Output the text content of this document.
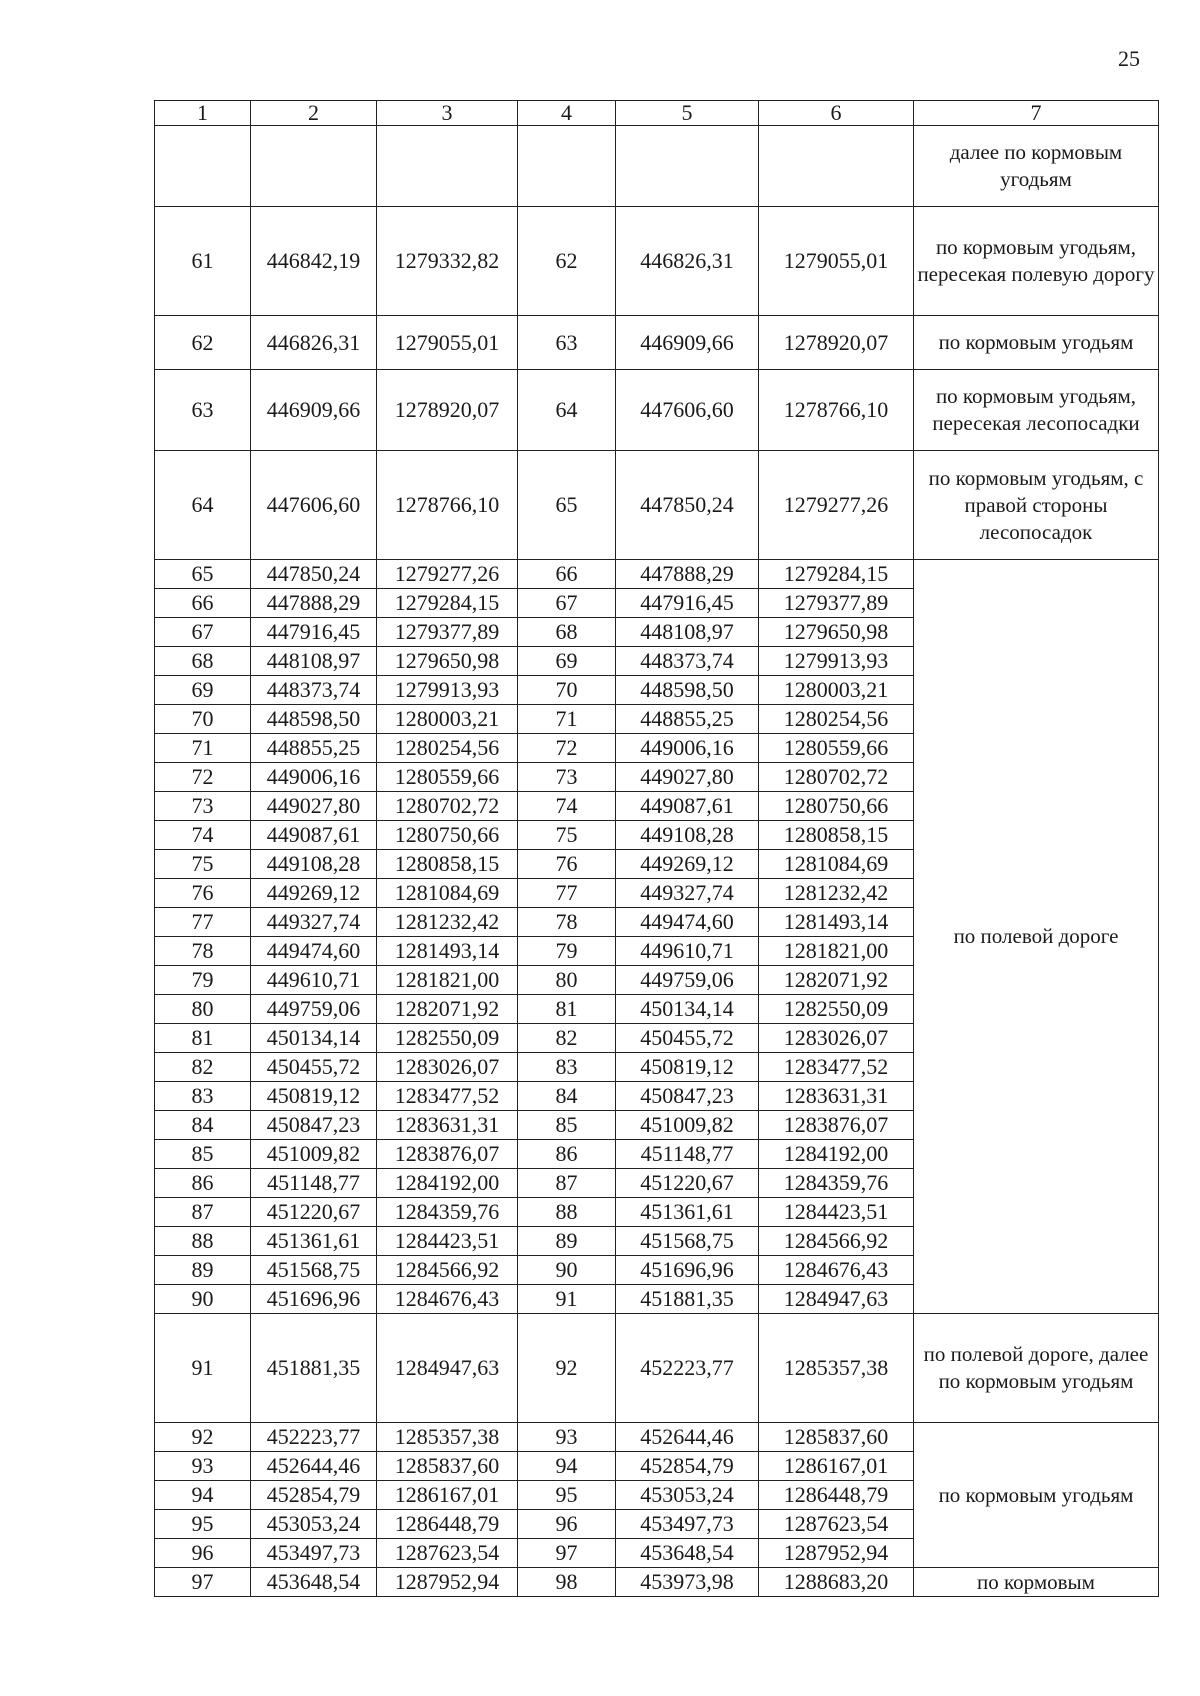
25
1	2	3	4	5	6	7
						далее по кормовым угодьям
61	446842,19	1279332,82	62	446826,31	1279055,01	по кормовым угодьям, пересекая полевую дорогу
62	446826,31	1279055,01	63	446909,66	1278920,07	по кормовым угодьям
63	446909,66	1278920,07	64	447606,60	1278766,10	по кормовым угодьям, пересекая лесопосадки
64	447606,60	1278766,10	65	447850,24	1279277,26	по кормовым угодьям, с правой стороны лесопосадок
65	447850,24	1279277,26	66	447888,29	1279284,15	по полевой дороге
66	447888,29	1279284,15	67	447916,45	1279377,89	
67	447916,45	1279377,89	68	448108,97	1279650,98	
68	448108,97	1279650,98	69	448373,74	1279913,93	
69	448373,74	1279913,93	70	448598,50	1280003,21	
70	448598,50	1280003,21	71	448855,25	1280254,56	
71	448855,25	1280254,56	72	449006,16	1280559,66	
72	449006,16	1280559,66	73	449027,80	1280702,72	
73	449027,80	1280702,72	74	449087,61	1280750,66	
74	449087,61	1280750,66	75	449108,28	1280858,15	
75	449108,28	1280858,15	76	449269,12	1281084,69	
76	449269,12	1281084,69	77	449327,74	1281232,42	
77	449327,74	1281232,42	78	449474,60	1281493,14	
78	449474,60	1281493,14	79	449610,71	1281821,00	
79	449610,71	1281821,00	80	449759,06	1282071,92	
80	449759,06	1282071,92	81	450134,14	1282550,09	
81	450134,14	1282550,09	82	450455,72	1283026,07	
82	450455,72	1283026,07	83	450819,12	1283477,52	
83	450819,12	1283477,52	84	450847,23	1283631,31	
84	450847,23	1283631,31	85	451009,82	1283876,07	
85	451009,82	1283876,07	86	451148,77	1284192,00	
86	451148,77	1284192,00	87	451220,67	1284359,76	
87	451220,67	1284359,76	88	451361,61	1284423,51	
88	451361,61	1284423,51	89	451568,75	1284566,92	
89	451568,75	1284566,92	90	451696,96	1284676,43	
90	451696,96	1284676,43	91	451881,35	1284947,63	
91	451881,35	1284947,63	92	452223,77	1285357,38	по полевой дороге, далее по кормовым угодьям
92	452223,77	1285357,38	93	452644,46	1285837,60	по кормовым угодьям
93	452644,46	1285837,60	94	452854,79	1286167,01	
94	452854,79	1286167,01	95	453053,24	1286448,79	
95	453053,24	1286448,79	96	453497,73	1287623,54	
96	453497,73	1287623,54	97	453648,54	1287952,94	
97	453648,54	1287952,94	98	453973,98	1288683,20	по кормовым
